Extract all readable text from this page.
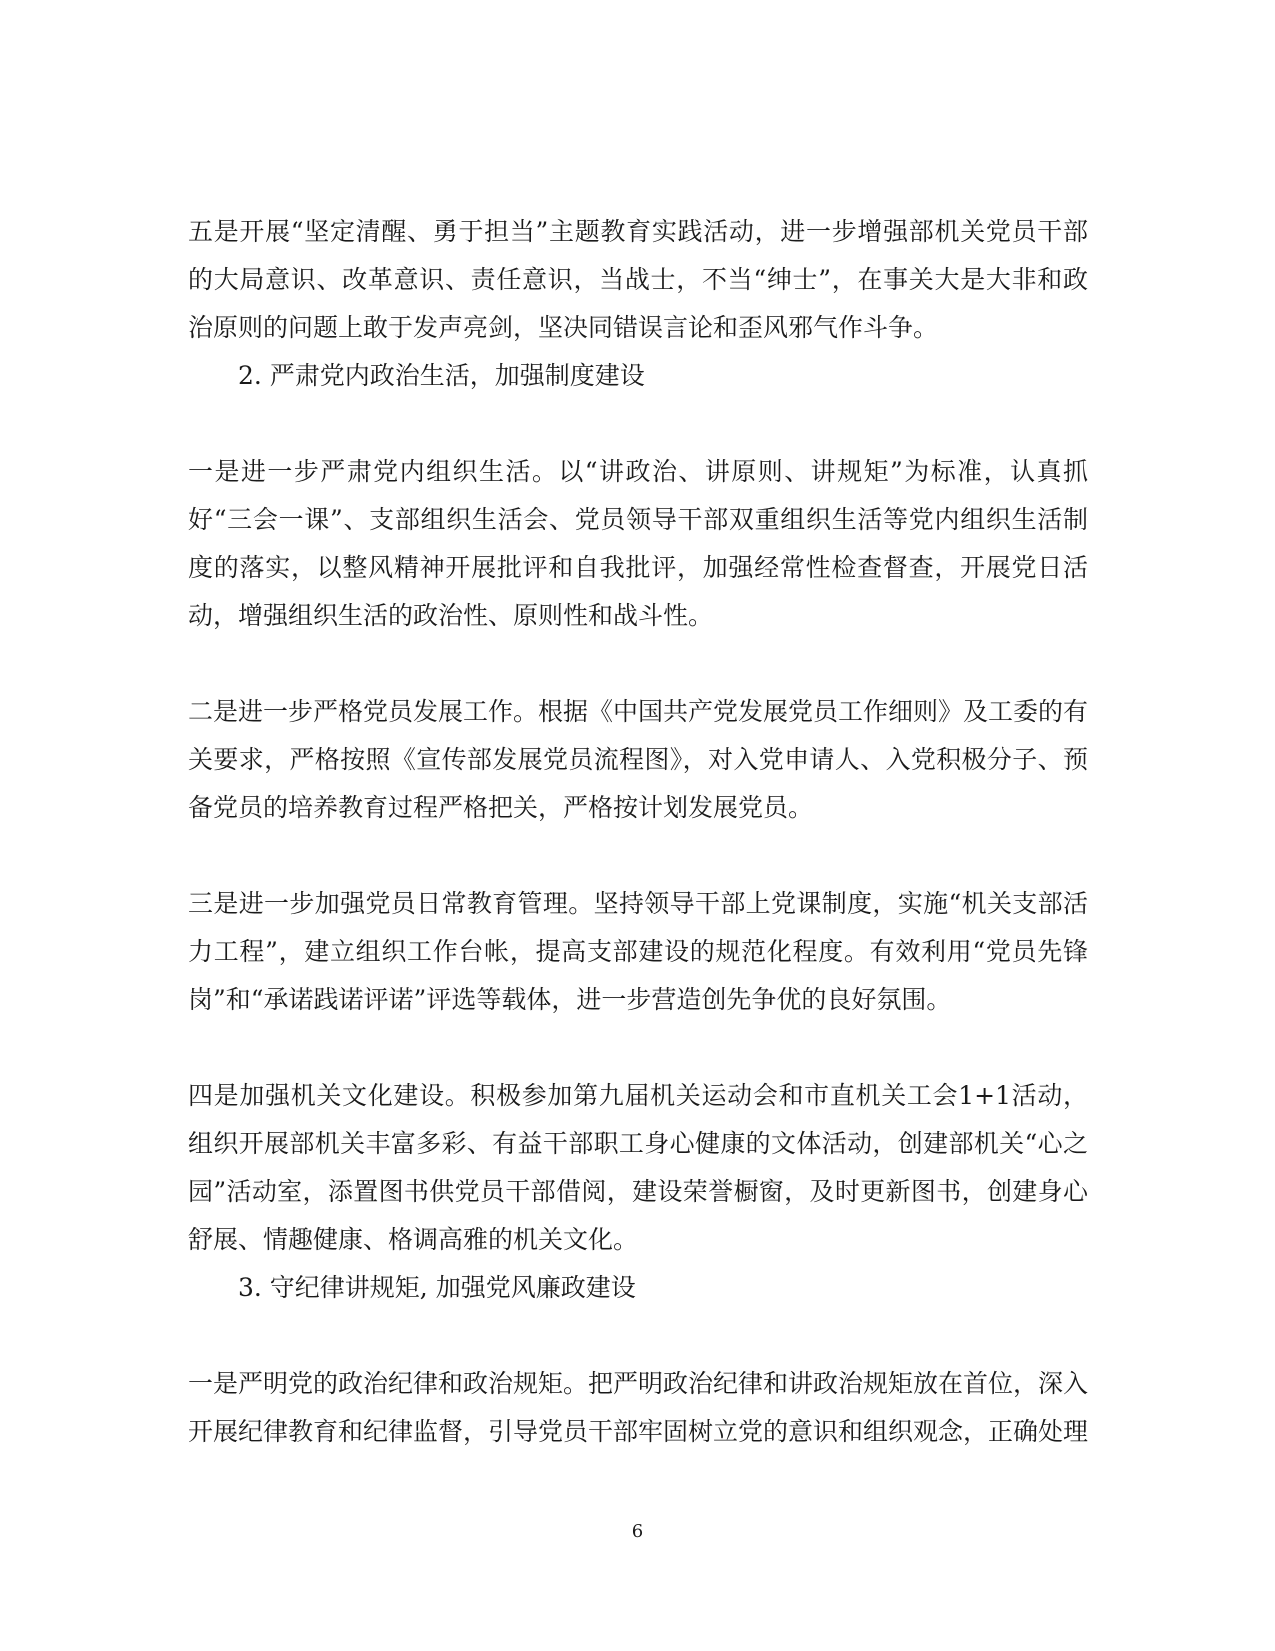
五是开展“坚定清醒、勇于担当”主题教育实践活动，进一步增强部机关党员干部的大局意识、改革意识、责任意识，当战士，不当“绅士”，在事关大是大非和政治原则的问题上敢于发声亮剑，坚决同错误言论和歪风邪气作斗争。

2. 严肃党内政治生活，加强制度建设

一是进一步严肃党内组织生活。以“讲政治、讲原则、讲规矩”为标准，认真抓好“三会一课”、支部组织生活会、党员领导干部双重组织生活等党内组织生活制度的落实，以整风精神开展批评和自我批评，加强经常性检查督查，开展党日活动，增强组织生活的政治性、原则性和战斗性。

二是进一步严格党员发展工作。根据《中国共产党发展党员工作细则》及工委的有关要求，严格按照《宣传部发展党员流程图》，对入党申请人、入党积极分子、预备党员的培养教育过程严格把关，严格按计划发展党员。

三是进一步加强党员日常教育管理。坚持领导干部上党课制度，实施“机关支部活力工程”，建立组织工作台帐，提高支部建设的规范化程度。有效利用“党员先锋岗”和“承诺践诺评诺”评选等载体，进一步营造创先争优的良好氛围。

四是加强机关文化建设。积极参加第九届机关运动会和市直机关工会1+1活动，组织开展部机关丰富多彩、有益干部职工身心健康的文体活动，创建部机关“心之园”活动室，添置图书供党员干部借阅，建设荣誉橱窗，及时更新图书，创建身心舒展、情趣健康、格调高雅的机关文化。

3. 守纪律讲规矩, 加强党风廉政建设

一是严明党的政治纪律和政治规矩。把严明政治纪律和讲政治规矩放在首位，深入开展纪律教育和纪律监督，引导党员干部牢固树立党的意识和组织观念，正确处理

6
